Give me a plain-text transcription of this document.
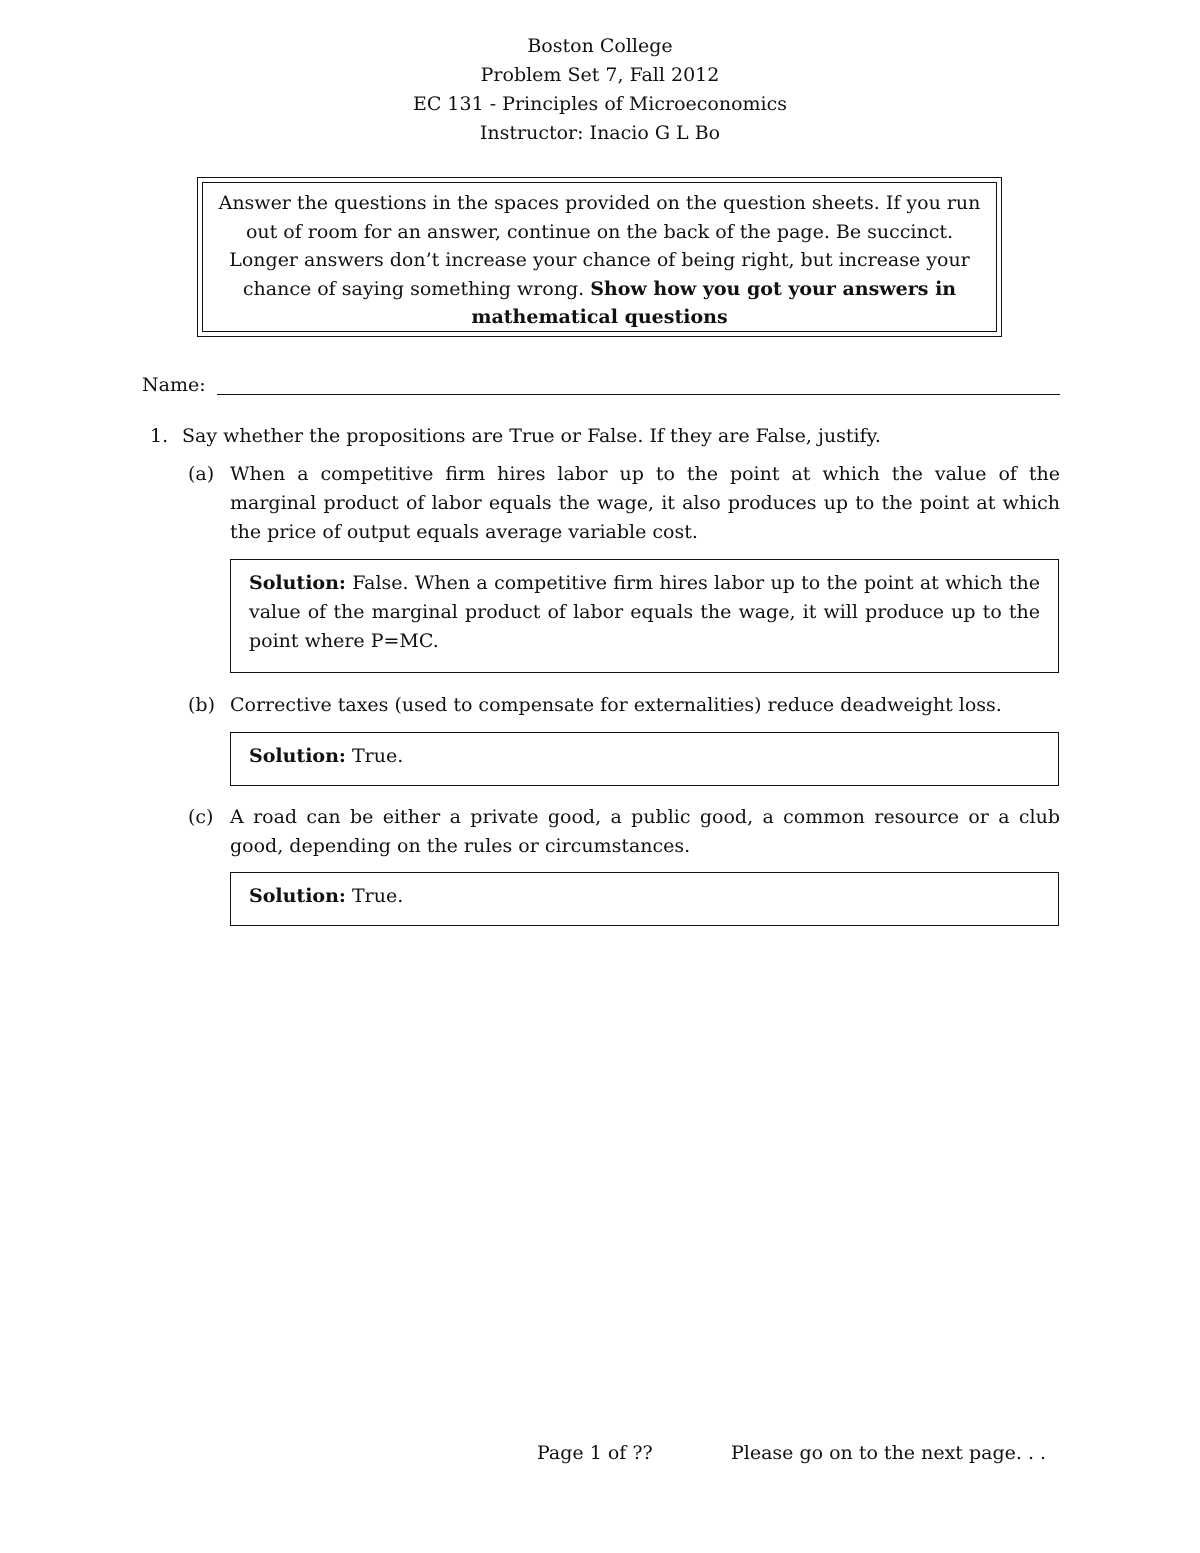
Boston College
Problem Set 7, Fall 2012
EC 131 - Principles of Microeconomics
Instructor: Inacio G L Bo
Answer the questions in the spaces provided on the question sheets. If you run out of room for an answer, continue on the back of the page. Be succinct. Longer answers don’t increase your chance of being right, but increase your chance of saying something wrong. Show how you got your answers in mathematical questions
Name:
1. Say whether the propositions are True or False. If they are False, justify.
(a) When a competitive firm hires labor up to the point at which the value of the marginal product of labor equals the wage, it also produces up to the point at which the price of output equals average variable cost.
Solution: False. When a competitive firm hires labor up to the point at which the value of the marginal product of labor equals the wage, it will produce up to the point where P=MC.
(b) Corrective taxes (used to compensate for externalities) reduce deadweight loss.
Solution: True.
(c) A road can be either a private good, a public good, a common resource or a club good, depending on the rules or circumstances.
Solution: True.
Page 1 of ??	Please go on to the next page. . .
